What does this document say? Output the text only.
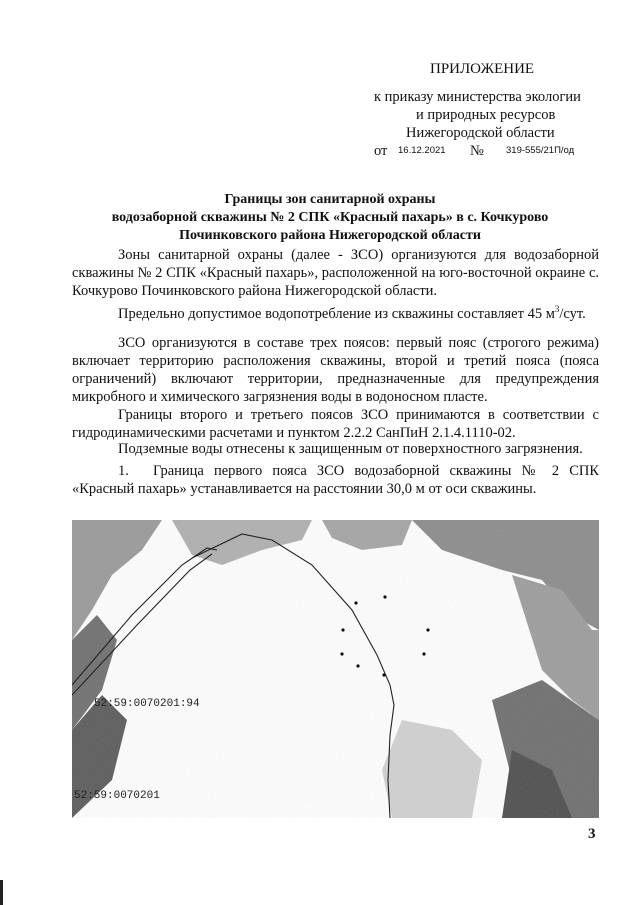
ПРИЛОЖЕНИЕ
к приказу министерства экологии
и природных ресурсов
Нижегородской области
от 16.12.2021 № 319-555/21П/од
Границы зон санитарной охраны
водозаборной скважины № 2 СПК «Красный пахарь» в с. Кочкурово
Починковского района Нижегородской области
Зоны санитарной охраны (далее - ЗСО) организуются для водозаборной скважины № 2 СПК «Красный пахарь», расположенной на юго-восточной окраине с. Кочкурово Починковского района Нижегородской области.
Предельно допустимое водопотребление из скважины составляет 45 $м^3$/сут.
ЗСО организуются в составе трех поясов: первый пояс (строгого режима) включает территорию расположения скважины, второй и третий пояса (пояса ограничений) включают территории, предназначенные для предупреждения микробного и химического загрязнения воды в водоносном пласте.
Границы второго и третьего поясов ЗСО принимаются в соответствии с гидродинамическими расчетами и пунктом 2.2.2 СанПиН 2.1.4.1110-02.
Подземные воды отнесены к защищенным от поверхностного загрязнения.
1. Граница первого пояса ЗСО водозаборной скважины № 2 СПК «Красный пахарь» устанавливается на расстоянии 30,0 м от оси скважины.
52:59:0070201:94
52:59:0070201
3
